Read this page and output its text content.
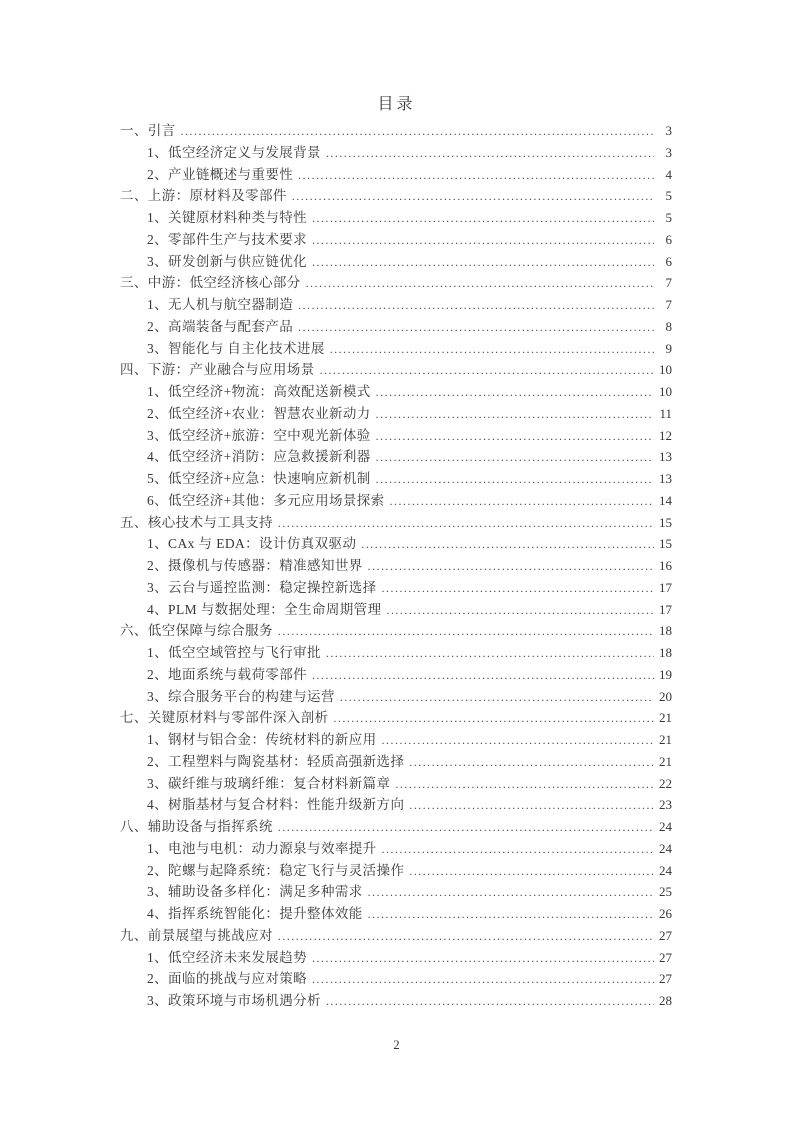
目录
一、引言 .....	3
1、低空经济定义与发展背景 .....	3
2、产业链概述与重要性 .....	4
二、上游：原材料及零部件 .....	5
1、关键原材料种类与特性 .....	5
2、零部件生产与技术要求 .....	6
3、研发创新与供应链优化 .....	6
三、中游：低空经济核心部分 .....	7
1、无人机与航空器制造 .....	7
2、高端装备与配套产品 .....	8
3、智能化与 自主化技术进展 .....	9
四、下游：产业融合与应用场景 .....	10
1、低空经济+物流：高效配送新模式 .....	10
2、低空经济+农业：智慧农业新动力 .....	11
3、低空经济+旅游：空中观光新体验 .....	12
4、低空经济+消防：应急救援新利器 .....	13
5、低空经济+应急：快速响应新机制 .....	13
6、低空经济+其他：多元应用场景探索 .....	14
五、核心技术与工具支持 .....	15
1、CAx 与 EDA：设计仿真双驱动 .....	15
2、摄像机与传感器：精准感知世界 .....	16
3、云台与遥控监测：稳定操控新选择 .....	17
4、PLM 与数据处理：全生命周期管理 .....	17
六、低空保障与综合服务 .....	18
1、低空空域管控与飞行审批 .....	18
2、地面系统与载荷零部件 .....	19
3、综合服务平台的构建与运营 .....	20
七、关键原材料与零部件深入剖析 .....	21
1、钢材与铝合金：传统材料的新应用 .....	21
2、工程塑料与陶瓷基材：轻质高强新选择 .....	21
3、碳纤维与玻璃纤维：复合材料新篇章 .....	22
4、树脂基材与复合材料：性能升级新方向 .....	23
八、辅助设备与指挥系统 .....	24
1、电池与电机：动力源泉与效率提升 .....	24
2、陀螺与起降系统：稳定飞行与灵活操作 .....	24
3、辅助设备多样化：满足多种需求 .....	25
4、指挥系统智能化：提升整体效能 .....	26
九、前景展望与挑战应对 .....	27
1、低空经济未来发展趋势 .....	27
2、面临的挑战与应对策略 .....	27
3、政策环境与市场机遇分析 .....	28
2
